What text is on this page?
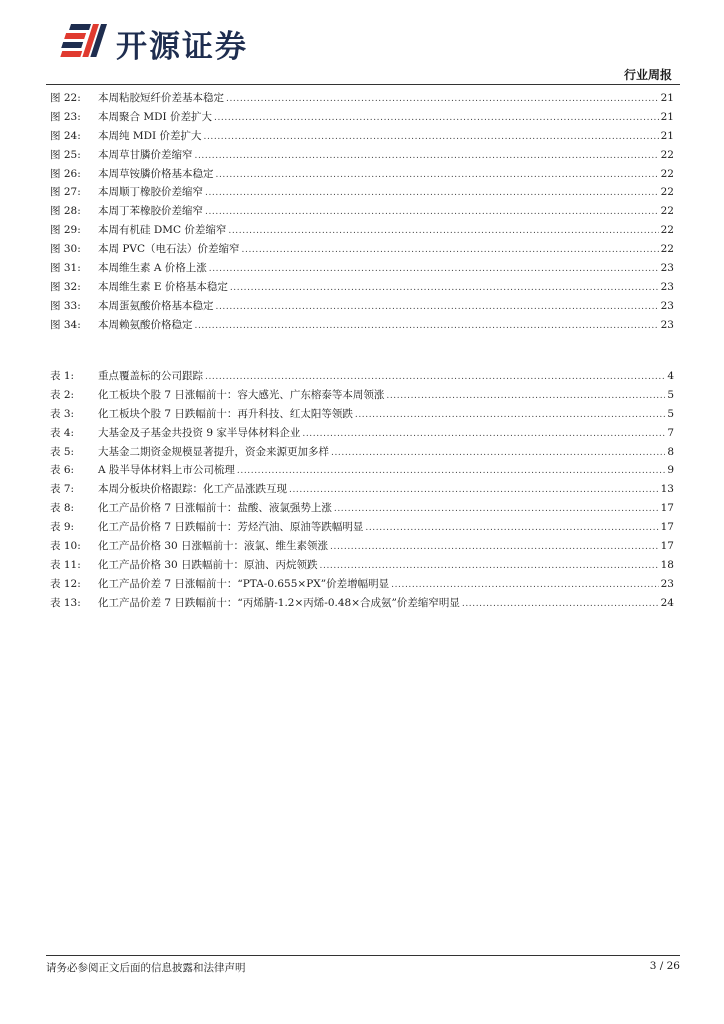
开源证券
行业周报
图 22:	本周粘胶短纤价差基本稳定 .....	21
图 23:	本周聚合 MDI 价差扩大 .....	21
图 24:	本周纯 MDI 价差扩大 .....	21
图 25:	本周草甘膦价差缩窄 .....	22
图 26:	本周草铵膦价格基本稳定 .....	22
图 27:	本周顺丁橡胶价差缩窄 .....	22
图 28:	本周丁苯橡胶价差缩窄 .....	22
图 29:	本周有机硅 DMC 价差缩窄 .....	22
图 30:	本周 PVC（电石法）价差缩窄 .....	22
图 31:	本周维生素 A 价格上涨 .....	23
图 32:	本周维生素 E 价格基本稳定 .....	23
图 33:	本周蛋氨酸价格基本稳定 .....	23
图 34:	本周赖氨酸价格稳定 .....	23
表 1:	重点覆盖标的公司跟踪 .....	4
表 2:	化工板块个股 7 日涨幅前十：容大感光、广东榕泰等本周领涨 .....	5
表 3:	化工板块个股 7 日跌幅前十：再升科技、红太阳等领跌 .....	5
表 4:	大基金及子基金共投资 9 家半导体材料企业 .....	7
表 5:	大基金二期资金规模显著提升，资金来源更加多样 .....	8
表 6:	A 股半导体材料上市公司梳理 .....	9
表 7:	本周分板块价格跟踪：化工产品涨跌互现 .....	13
表 8:	化工产品价格 7 日涨幅前十：盐酸、液氯强势上涨 .....	17
表 9:	化工产品价格 7 日跌幅前十：芳烃汽油、原油等跌幅明显 .....	17
表 10:	化工产品价格 30 日涨幅前十：液氯、维生素领涨 .....	17
表 11:	化工产品价格 30 日跌幅前十：原油、丙烷领跌 .....	18
表 12:	化工产品价差 7 日涨幅前十：“PTA-0.655×PX”价差增幅明显 .....	23
表 13:	化工产品价差 7 日跌幅前十：“丙烯腈-1.2×丙烯-0.48×合成氨”价差缩窄明显 .....	24
请务必参阅正文后面的信息披露和法律声明	3 / 26
